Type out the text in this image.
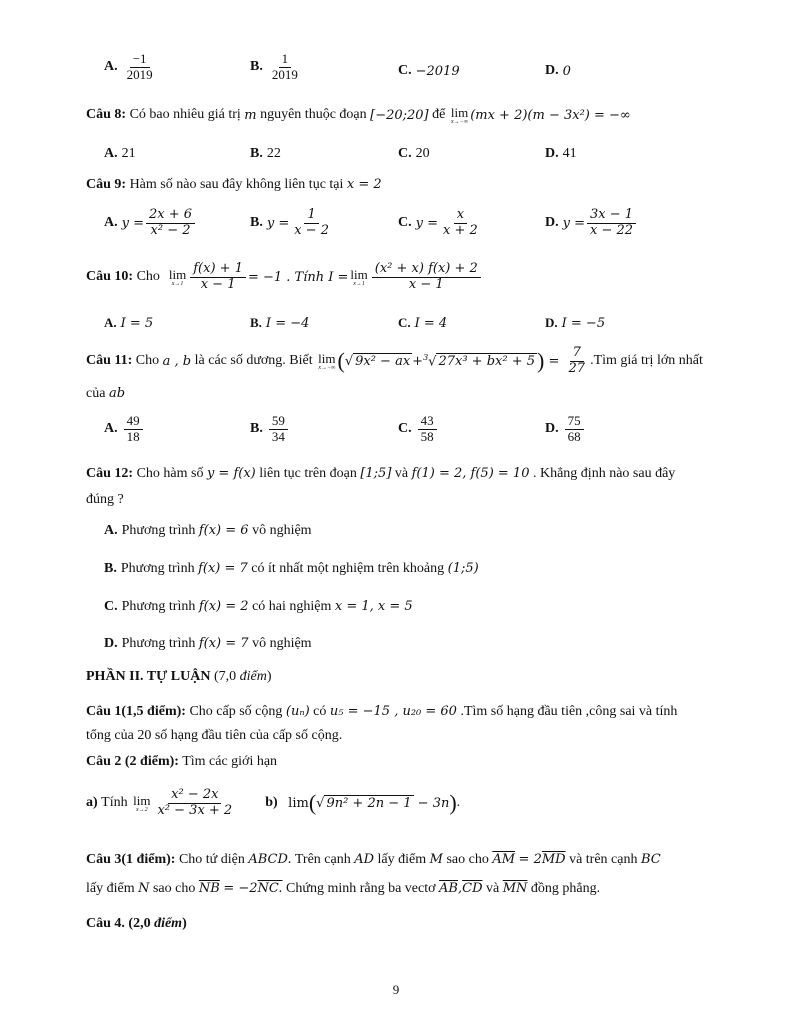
A. $\frac{-1}{2019}$	B. $\frac{1}{2019}$	C. −2019	D. 0
Câu 8:
Có bao nhiêu giá trị
m
nguyên thuộc đoạn
[−20;20]
để
lim
x→−∞ (mx + 2)(m − 3x²) = −∞
A. 21	B. 22	C. 20	D. 41
Câu 9: Hàm số nào sau đây không liên tục tại x = 2
A. $y = \frac{2x + 6}{\text{x² − 2}}$	B. $y = \frac{1}{x - 2}$	C. $y = \frac{x}{x + 2}$	D. $y = \frac{3x - 1}{x - 22}$
Câu 10:
Cho
lim
$x\to 1 \frac{f(x) + 1}{x - 1} = -1$ . Tính I = lim
$x\to 1 \frac{\text{(x² + x) f(x) + 2}}{x - 1}$
A. I = 5	B. I = −4	C. I = 4	D. I = −5
Câu 11:
Cho
a , b
là các số dương. Biết
lim
x→−∞ ( √ 9x² − ax + $^3$√ 27x³ + bx² + 5 ) = $\frac{7}{27}$ .Tìm giá trị lớn nhất
của ab
A. $\frac{49}{18}$	B. $\frac{59}{34}$	C. $\frac{43}{58}$	D. $\frac{75}{68}$
Câu 12: Cho hàm số y = f(x) liên tục trên đoạn [1;5] và f(1) = 2, f(5) = 10 . Khẳng định nào sau đây
đúng ?
A. Phương trình f(x) = 6 vô nghiệm
B. Phương trình f(x) = 7 có ít nhất một nghiệm trên khoảng (1;5)
C. Phương trình f(x) = 2 có hai nghiệm x = 1, x = 5
D. Phương trình f(x) = 7 vô nghiệm
PHẦN II. TỰ LUẬN (7,0 điểm)
Câu 1(1,5 điểm): Cho cấp số cộng (uₙ) có u₅ = −15 , u₂₀ = 60 .Tìm số hạng đầu tiên ,công sai và tính
tổng của 20 số hạng đầu tiên của cấp số cộng.
Câu 2 (2 điểm): Tìm các giới hạn
a)
Tính
lim
$x\to 2 \frac{\text{x² − 2x}}{\text{x² − 3x + 2}} b$)
lim ( √ 9n² + 2n − 1
− 3n ) .
Câu 3(1 điểm): Cho tứ diện ABCD. Trên cạnh AD lấy điểm M sao cho $\overline{AM} = 2\overline{MD}$ và trên cạnh BC
lấy điểm N sao cho $\overline{NB} = -2NC$. Chứng minh rằng ba vectơ $\overline{AB},\overline{CD}$ và $\overline{MN}$ đồng phẳng.
Câu 4. (2,0 điểm)
9
